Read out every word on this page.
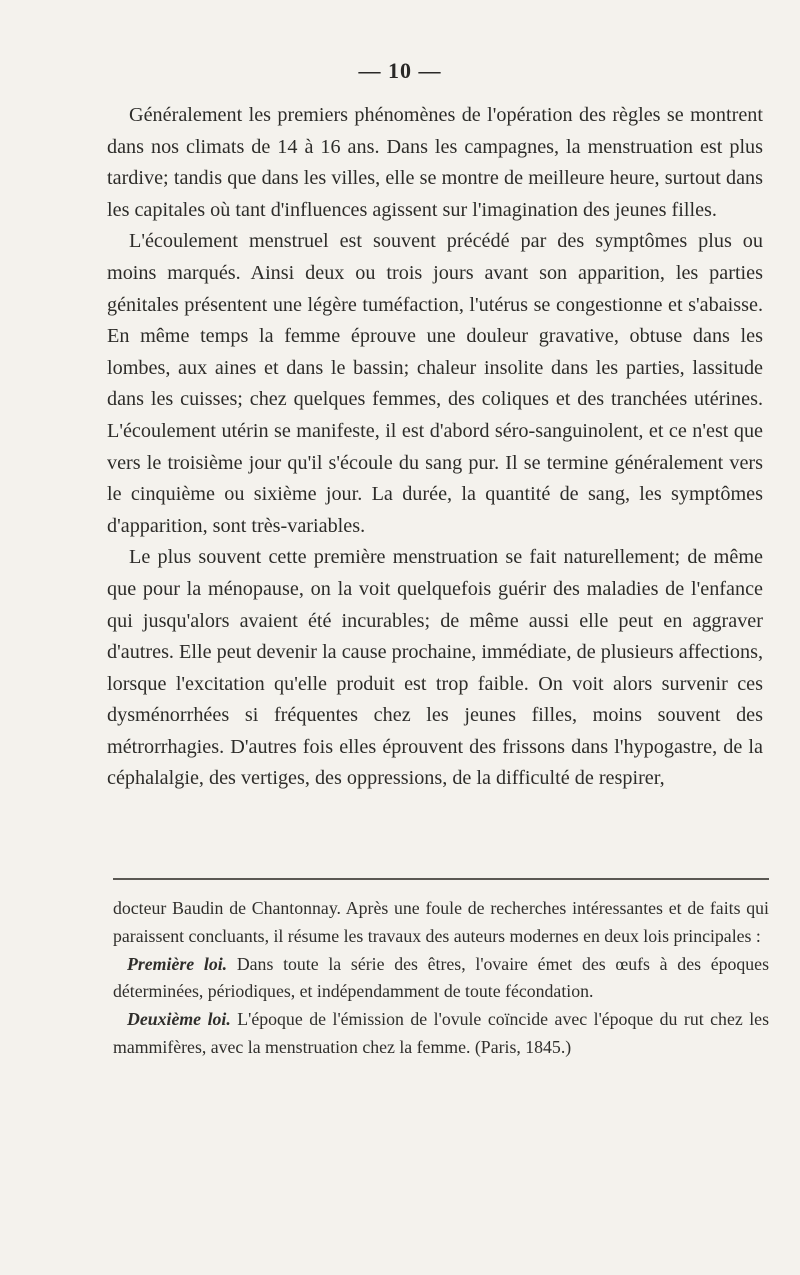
— 10 —

Généralement les premiers phénomènes de l'opération des règles se montrent dans nos climats de 14 à 16 ans. Dans les campagnes, la menstruation est plus tardive; tandis que dans les villes, elle se montre de meilleure heure, surtout dans les capitales où tant d'influences agissent sur l'imagination des jeunes filles.

L'écoulement menstruel est souvent précédé par des symptômes plus ou moins marqués. Ainsi deux ou trois jours avant son apparition, les parties génitales présentent une légère tuméfaction, l'utérus se congestionne et s'abaisse. En même temps la femme éprouve une douleur gravative, obtuse dans les lombes, aux aines et dans le bassin; chaleur insolite dans les parties, lassitude dans les cuisses; chez quelques femmes, des coliques et des tranchées utérines. L'écoulement utérin se manifeste, il est d'abord séro-sanguinolent, et ce n'est que vers le troisième jour qu'il s'écoule du sang pur. Il se termine généralement vers le cinquième ou sixième jour. La durée, la quantité de sang, les symptômes d'apparition, sont très-variables.

Le plus souvent cette première menstruation se fait naturellement; de même que pour la ménopause, on la voit quelquefois guérir des maladies de l'enfance qui jusqu'alors avaient été incurables; de même aussi elle peut en aggraver d'autres. Elle peut devenir la cause prochaine, immédiate, de plusieurs affections, lorsque l'excitation qu'elle produit est trop faible. On voit alors survenir ces dysménorrhées si fréquentes chez les jeunes filles, moins souvent des métrorrhagies. D'autres fois elles éprouvent des frissons dans l'hypogastre, de la céphalalgie, des vertiges, des oppressions, de la difficulté de respirer,

docteur Baudin de Chantonnay. Après une foule de recherches intéressantes et de faits qui paraissent concluants, il résume les travaux des auteurs modernes en deux lois principales :

Première loi. Dans toute la série des êtres, l'ovaire émet des œufs à des époques déterminées, périodiques, et indépendamment de toute fécondation.

Deuxième loi. L'époque de l'émission de l'ovule coïncide avec l'époque du rut chez les mammifères, avec la menstruation chez la femme. (Paris, 1845.)
